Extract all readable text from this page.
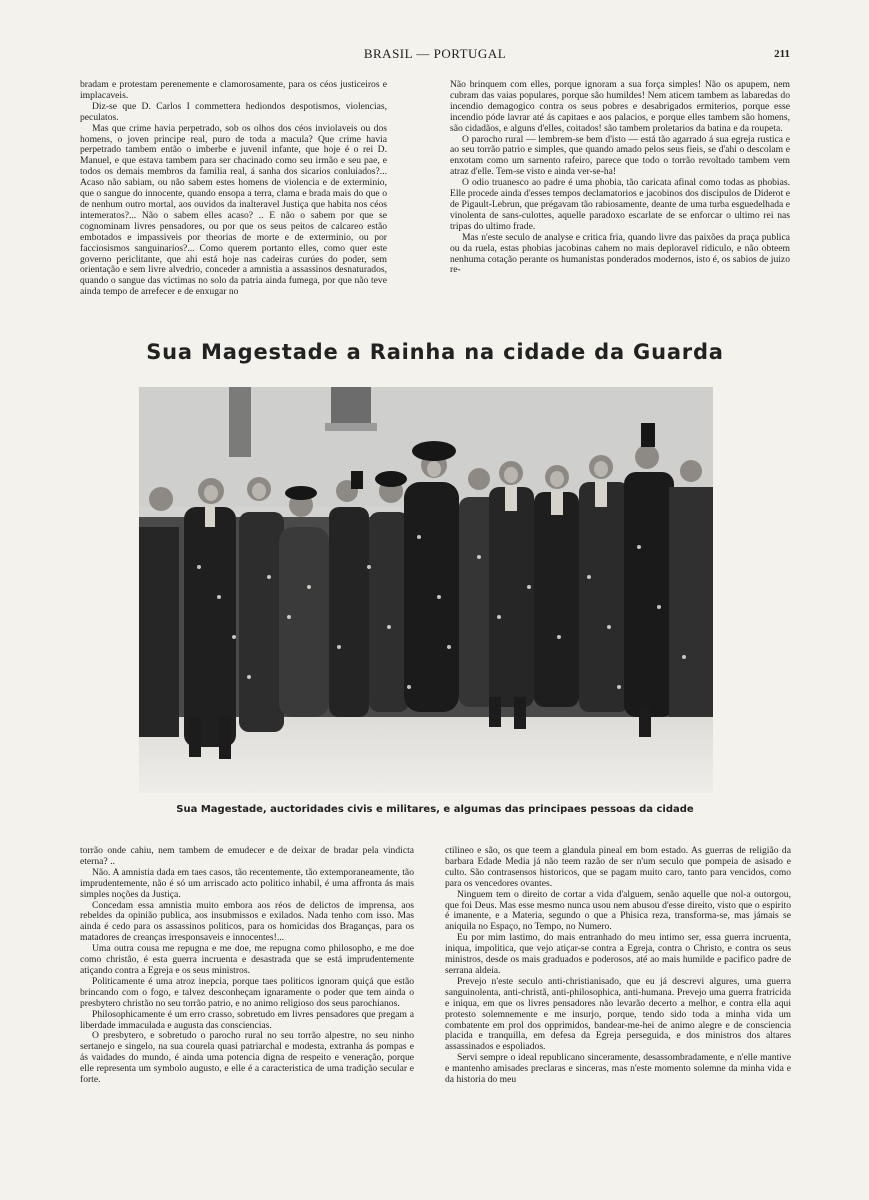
BRASIL — PORTUGAL	211

bradam e protestam perenemente e clamorosamente, para os céos justiceiros e implacaveis.

Diz-se que D. Carlos I commettera hediondos despotismos, violencias, peculatos.

Mas que crime havia perpetrado, sob os olhos dos céos inviolaveis ou dos homens, o joven principe real, puro de toda a macula? Que crime havia perpetrado tambem então o imberbe e juvenil infante, que hoje é o rei D. Manuel, e que estava tambem para ser chacinado como seu irmão e seu pae, e todos os demais membros da familia real, á sanha dos sicarios conluiados?... Acaso não sabiam, ou não sabem estes homens de violencia e de exterminio, que o sangue do innocente, quando ensopa a terra, clama e brada mais do que o de nenhum outro mortal, aos ouvidos da inalteravel Justiça que habita nos céos intemeratos?... Não o sabem elles acaso? .. E não o sabem por que se cognominam livres pensadores, ou por que os seus peitos de calcareo estão embotados e impassiveis por theorias de morte e de exterminio, ou por facciosismos sanguinarios?... Como querem portanto elles, como quer este governo periclitante, que ahi está hoje nas cadeiras curúes do poder, sem orientação e sem livre alvedrio, conceder a amnistia a assassinos desnaturados, quando o sangue das victimas no solo da patria ainda fumega, por que não teve ainda tempo de arrefecer e de enxugar no

Não brinquem com elles, porque ignoram a sua força simples! Não os apupem, nem cubram das vaias populares, porque são humildes! Nem aticem tambem as labaredas do incendio demagogico contra os seus pobres e desabrigados ermiterios, porque esse incendio póde lavrar até ás capitaes e aos palacios, e porque elles tambem são homens, são cidadãos, e alguns d'elles, coitados! são tambem proletarios da batina e da roupeta.

O parocho rural — lembrem-se bem d'isto — está tão agarrado á sua egreja rustica e ao seu torrão patrio e simples, que quando amado pelos seus fieis, se d'ahi o descolam e enxotam como um sarnento rafeiro, parece que todo o torrão revoltado tambem vem atraz d'elle. Tem-se visto e ainda ver-se-ha!

O odio truanesco ao padre é uma phobia, tão caricata afinal como todas as phobias. Elle procede ainda d'esses tempos declamatorios e jacobinos dos discipulos de Diderot e de Pigault-Lebrun, que prégavam tão rabiosamente, deante de uma turba esguedelhada e vinolenta de sans-culottes, aquelle paradoxo escarlate de se enforcar o ultimo rei nas tripas do ultimo frade.

Mas n'este seculo de analyse e critica fria, quando livre das paixões da praça publica ou da ruela, estas phobias jacobinas cahem no mais deploravel ridiculo, e não obteem nenhuma cotação perante os humanistas ponderados modernos, isto é, os sabios de juizo re-

Sua Magestade a Rainha na cidade da Guarda
Sua Magestade, auctoridades civis e militares, e algumas das principaes pessoas da cidade

torrão onde cahiu, nem tambem de emudecer e de deixar de bradar pela vindicta eterna? ..

Não. A amnistia dada em taes casos, tão recentemente, tão extemporaneamente, tão imprudentemente, não é só um arriscado acto politico inhabil, é uma affronta ás mais simples noções da Justiça.

Concedam essa amnistia muito embora aos réos de delictos de imprensa, aos rebeldes da opinião publica, aos insubmissos e exilados. Nada tenho com isso. Mas ainda é cedo para os assassinos politicos, para os homicidas dos Braganças, para os matadores de creanças irresponsaveis e innocentes!...

Uma outra cousa me repugna e me doe, me repugna como philosopho, e me doe como christão, é esta guerra incruenta e desastrada que se está imprudentemente atiçando contra a Egreja e os seus ministros.

Politicamente é uma atroz inepcia, porque taes politicos ignoram quiçá que estão brincando com o fogo, e talvez desconheçam ignaramente o poder que tem ainda o presbytero christão no seu torrão patrio, e no animo religioso dos seus parochianos.

Philosophicamente é um erro crasso, sobretudo em livres pensadores que pregam a liberdade immaculada e augusta das consciencias.

O presbytero, e sobretudo o parocho rural no seu torrão alpestre, no seu ninho sertanejo e singelo, na sua courela quasi patriarchal e modesta, extranha ás pompas e ás vaidades do mundo, é ainda uma potencia digna de respeito e veneração, porque elle representa um symbolo augusto, e elle é a caracteristica de uma tradição secular e forte.

ctilineo e são, os que teem a glandula pineal em bom estado. As guerras de religião da barbara Edade Media já não teem razão de ser n'um seculo que pompeia de asisado e culto. São contrasensos historicos, que se pagam muito caro, tanto para vencidos, como para os vencedores ovantes.

Ninguem tem o direito de cortar a vida d'alguem, senão aquelle que nol-a outorgou, que foi Deus. Mas esse mesmo nunca usou nem abusou d'esse direito, visto que o espirito é imanente, e a Materia, segundo o que a Phisica reza, transforma-se, mas jámais se aniquila no Espaço, no Tempo, no Numero.

Eu por mim lastimo, do mais entranhado do meu intimo ser, essa guerra incruenta, iniqua, impolitica, que vejo atiçar-se contra a Egreja, contra o Christo, e contra os seus ministros, desde os mais graduados e poderosos, até ao mais humilde e pacifico padre de serrana aldeia.

Prevejo n'este seculo anti-christianisado, que eu já descrevi algures, uma guerra sanguinolenta, anti-christã, anti-philosophica, anti-humana. Prevejo uma guerra fratricida e iniqua, em que os livres pensadores não levarão decerto a melhor, e contra ella aqui protesto solemnemente e me insurjo, porque, tendo sido toda a minha vida um combatente em prol dos opprimidos, bandear-me-hei de animo alegre e de consciencia placida e tranquilla, em defesa da Egreja perseguida, e dos ministros dos altares assassinados e espoliados.

Servi sempre o ideal republicano sinceramente, desassombradamente, e n'elle mantive e mantenho amisades preclaras e sinceras, mas n'este momento solemne da minha vida e da historia do meu
